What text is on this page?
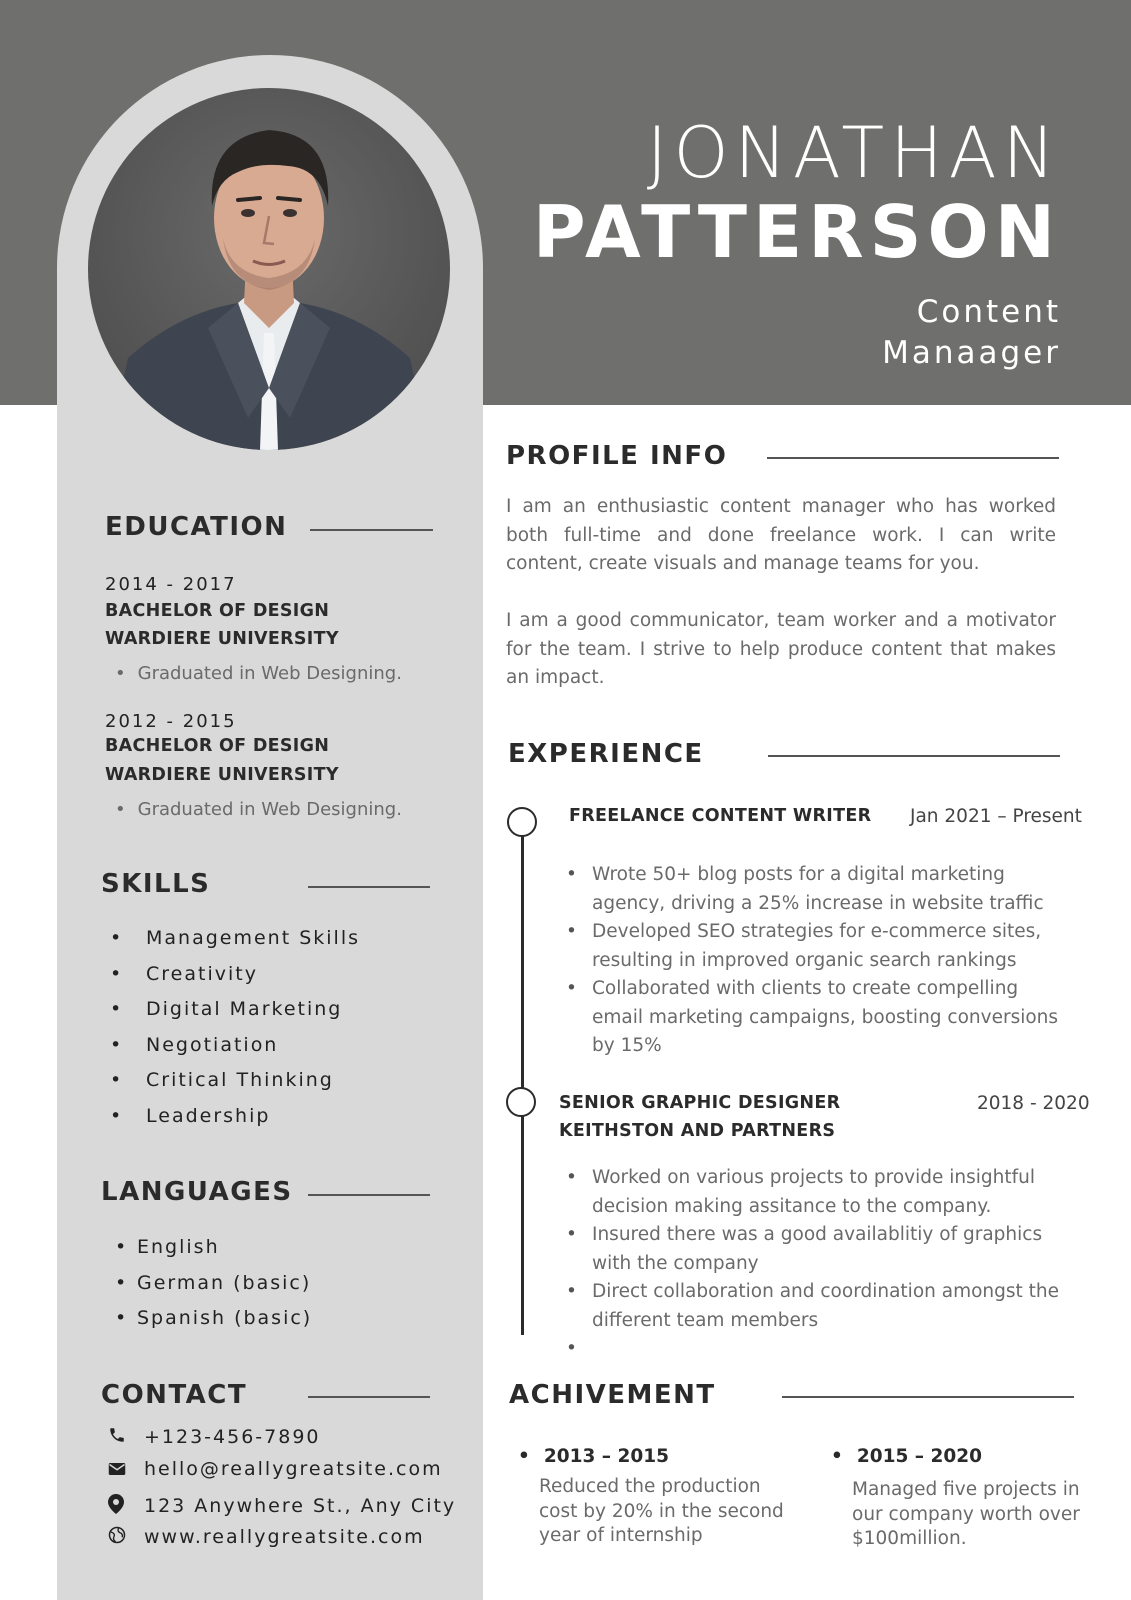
JONATHAN
PATTERSON
Content Manaager
EDUCATION
2014 - 2017
BACHELOR OF DESIGN
WARDIERE UNIVERSITY
• Graduated in Web Designing.
2012 - 2015
BACHELOR OF DESIGN
WARDIERE UNIVERSITY
• Graduated in Web Designing.
SKILLS
• Management Skills
• Creativity
• Digital Marketing
• Negotiation
• Critical Thinking
• Leadership
LANGUAGES
• English
• German (basic)
• Spanish (basic)
CONTACT
+123-456-7890
hello@reallygreatsite.com
123 Anywhere St., Any City
www.reallygreatsite.com
PROFILE INFO

I am an enthusiastic content manager who has worked both full-time and done freelance work. I can write content, create visuals and manage teams for you.

I am a good communicator, team worker and a motivator for the team. I strive to help produce content that makes an impact.

EXPERIENCE
FREELANCE CONTENT WRITER Jan 2021 – Present
• Wrote 50+ blog posts for a digital marketing agency, driving a 25% increase in website traffic
• Developed SEO strategies for e-commerce sites, resulting in improved organic search rankings
• Collaborated with clients to create compelling email marketing campaigns, boosting conversions by 15%
SENIOR GRAPHIC DESIGNER	2018 - 2020
KEITHSTON AND PARTNERS
• Worked on various projects to provide insightful decision making assitance to the company.
• Insured there was a good availablitiy of graphics with the company
• Direct collaboration and coordination amongst the different team members
ACHIVEMENT
• 2013 – 2015
Reduced the production cost by 20% in the second year of internship
• 2015 – 2020
Managed five projects in our company worth over $100million.
